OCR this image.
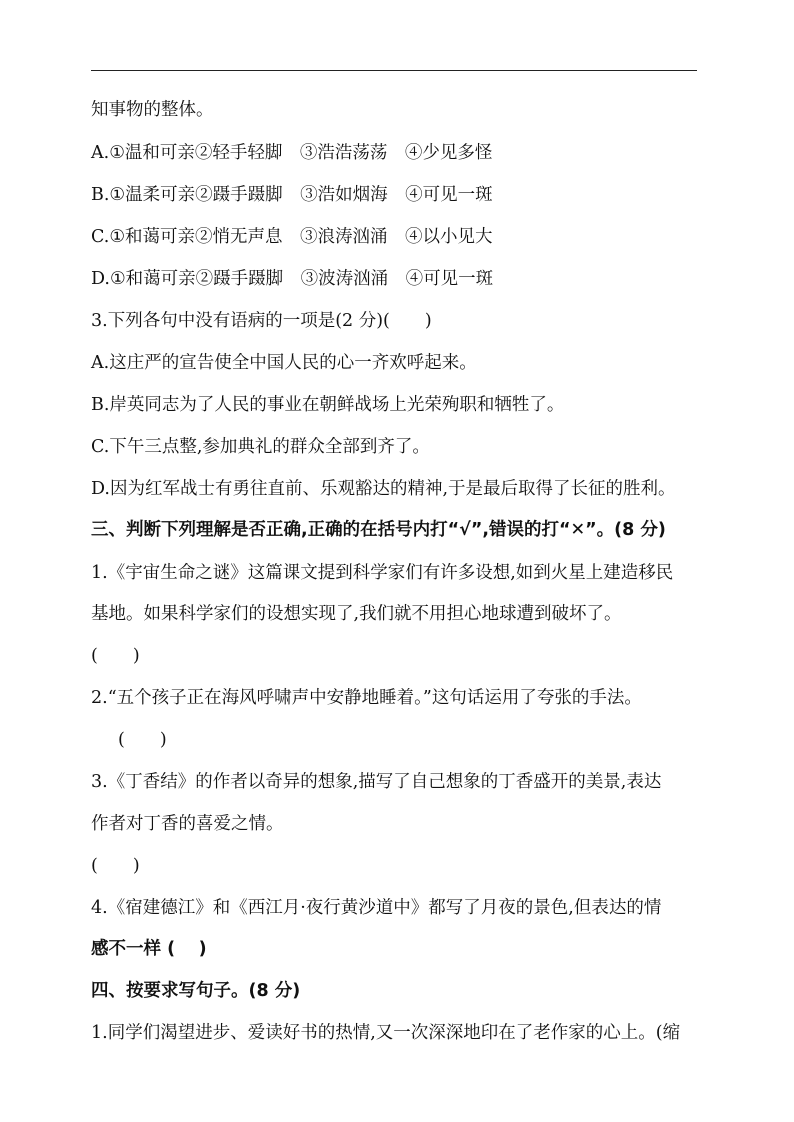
知事物的整体。
A.①温和可亲②轻手轻脚　③浩浩荡荡　④少见多怪
B.①温柔可亲②蹑手蹑脚　③浩如烟海　④可见一斑
C.①和蔼可亲②悄无声息　③浪涛汹涌　④以小见大
D.①和蔼可亲②蹑手蹑脚　③波涛汹涌　④可见一斑
3.下列各句中没有语病的一项是(2 分)(　　)
A.这庄严的宣告使全中国人民的心一齐欢呼起来。
B.岸英同志为了人民的事业在朝鲜战场上光荣殉职和牺牲了。
C.下午三点整,参加典礼的群众全部到齐了。
D.因为红军战士有勇往直前、乐观豁达的精神,于是最后取得了长征的胜利。
三、判断下列理解是否正确,正确的在括号内打“√”,错误的打“✕”。(8 分)
1.《宇宙生命之谜》这篇课文提到科学家们有许多设想,如到火星上建造移民
基地。如果科学家们的设想实现了,我们就不用担心地球遭到破坏了。
(　　)
2.“五个孩子正在海风呼啸声中安静地睡着。”这句话运用了夸张的手法。
(　　)
3.《丁香结》的作者以奇异的想象,描写了自己想象的丁香盛开的美景,表达
作者对丁香的喜爱之情。
(　　)
4.《宿建德江》和《西江月·夜行黄沙道中》都写了月夜的景色,但表达的情
感不一样 (　 )
四、按要求写句子。(8 分)
1.同学们渴望进步、爱读好书的热情,又一次深深地印在了老作家的心上。(缩
